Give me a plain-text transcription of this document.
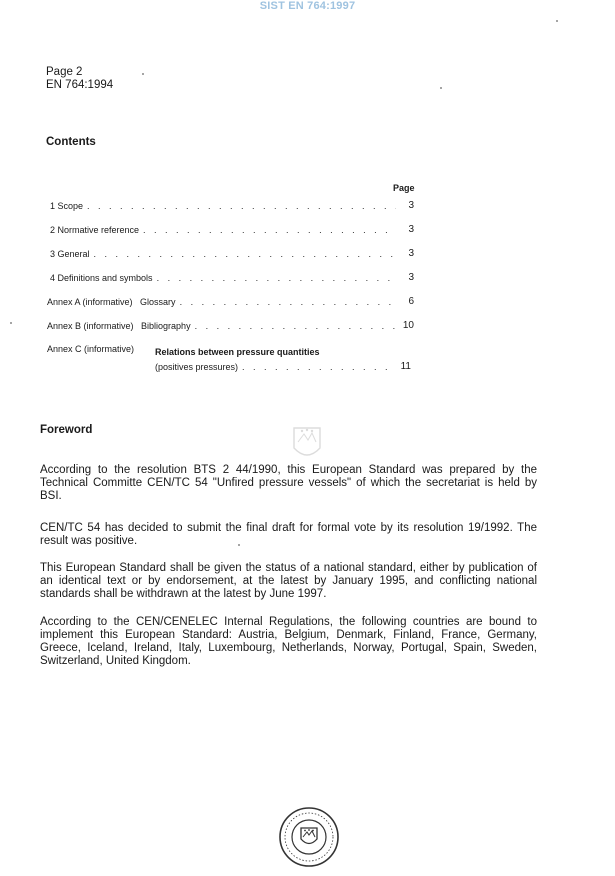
SIST EN 764:1997
Page 2
EN 764:1994
Contents
Page
1 Scope . . .	3
2 Normative reference . . .	3
3 General . . .	3
4 Definitions and symbols . . .	3
Annex A (informative)   Glossary . . .	6
Annex B (informative)   Bibliography . . .	10
Annex C (informative) Relations between pressure quantities
(positives pressures) . . .	11
Foreword
According to the resolution BTS 2 44/1990, this European Standard was prepared by the Technical Committe CEN/TC 54 "Unfired pressure vessels" of which the secretariat is held by BSI.
CEN/TC 54 has decided to submit the final draft for formal vote by its resolution 19/1992. The result was positive.
This European Standard shall be given the status of a national standard, either by publication of an identical text or by endorsement, at the latest by January 1995, and conflicting national standards shall be withdrawn at the latest by June 1997.
According to the CEN/CENELEC Internal Regulations, the following countries are bound to implement this European Standard: Austria, Belgium, Denmark, Finland, France, Germany, Greece, Iceland, Ireland, Italy, Luxembourg, Netherlands, Norway, Portugal, Spain, Sweden, Switzerland, United Kingdom.
